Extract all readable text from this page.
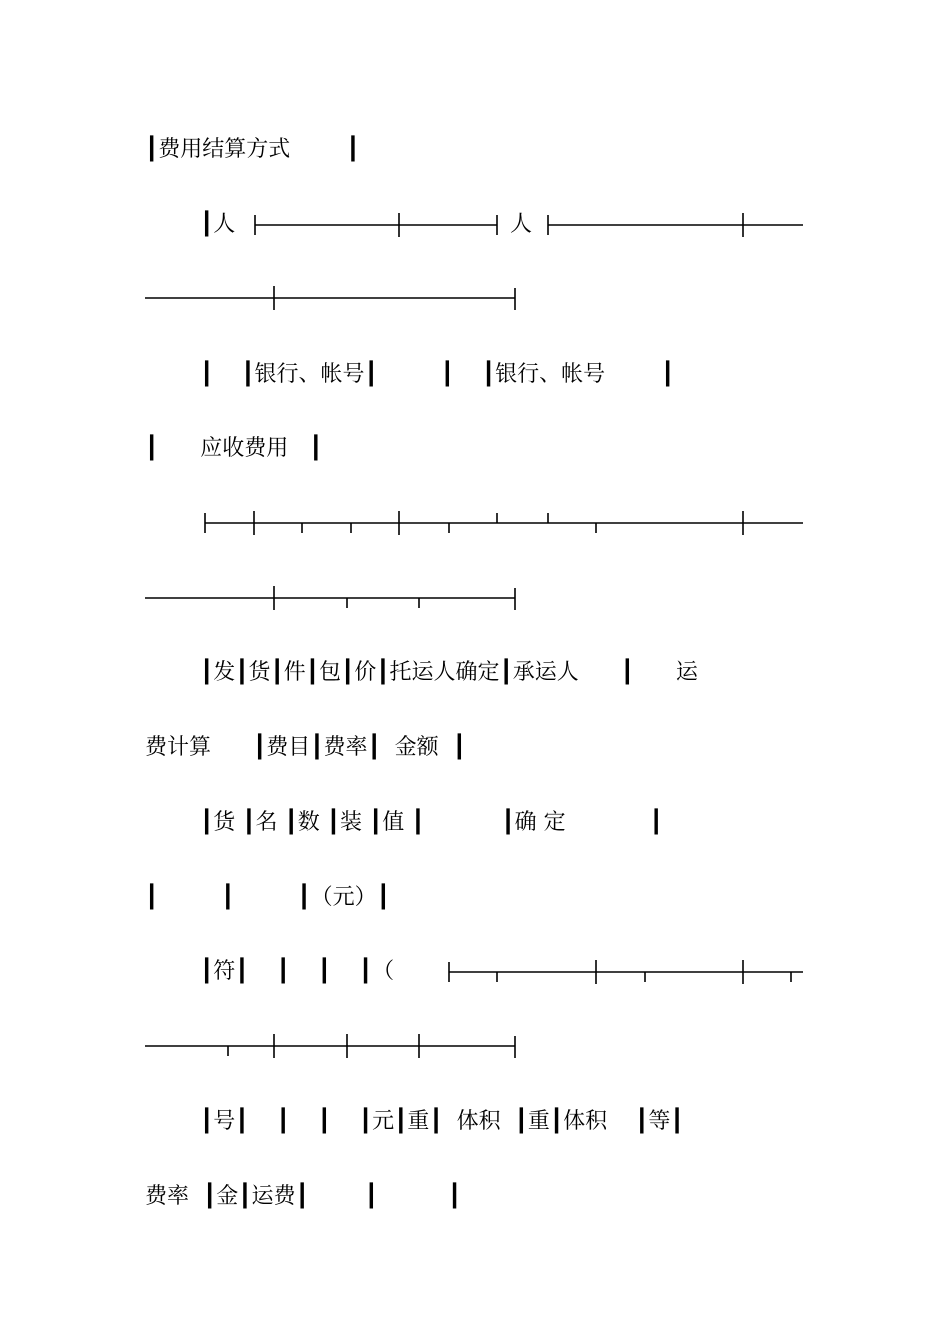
┃费用结算方式        ┃
┃人	人
┃    ┃银行、帐号┃         ┃    ┃银行、帐号        ┃
┃      应收费用   ┃
┃发┃货┃件┃包┃价┃托运人确定┃承运人      ┃      运
费计算      ┃费目┃费率┃  金额  ┃
┃货 ┃名 ┃数 ┃装 ┃值 ┃           ┃确 定            ┃
┃         ┃         ┃（元）┃
┃符┃    ┃    ┃    ┃（
┃号┃    ┃    ┃    ┃元┃重┃  体积  ┃重┃体积    ┃等┃
费率  ┃金┃运费┃        ┃          ┃
